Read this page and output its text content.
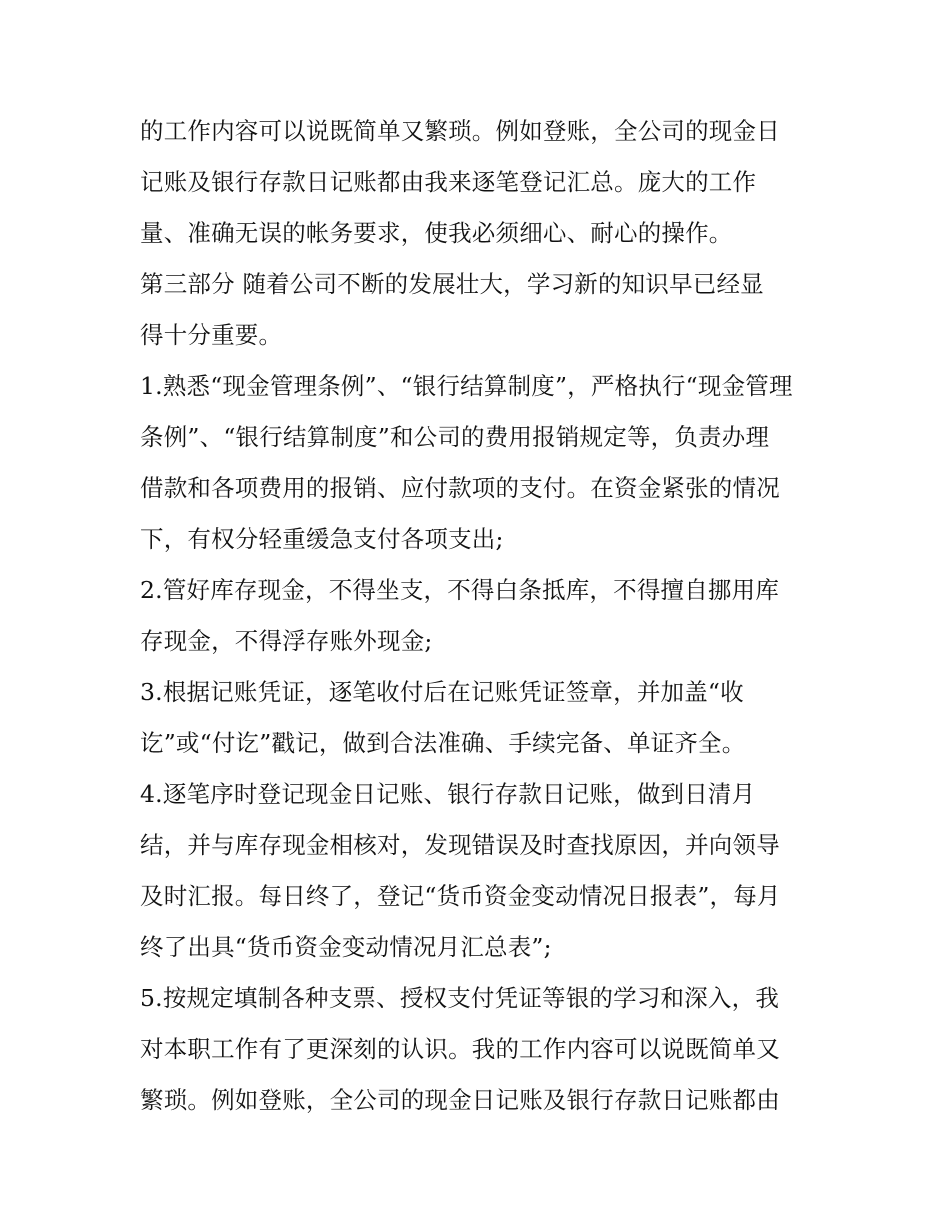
的工作内容可以说既简单又繁琐。例如登账，全公司的现金日
记账及银行存款日记账都由我来逐笔登记汇总。庞大的工作
量、准确无误的帐务要求，使我必须细心、耐心的操作。
第三部分 随着公司不断的发展壮大，学习新的知识早已经显
得十分重要。
1.熟悉“现金管理条例”、“银行结算制度”，严格执行“现金管理
条例”、“银行结算制度”和公司的费用报销规定等，负责办理
借款和各项费用的报销、应付款项的支付。在资金紧张的情况
下，有权分轻重缓急支付各项支出;
2.管好库存现金，不得坐支，不得白条抵库，不得擅自挪用库
存现金，不得浮存账外现金;
3.根据记账凭证，逐笔收付后在记账凭证签章，并加盖“收
讫”或“付讫”戳记，做到合法准确、手续完备、单证齐全。
4.逐笔序时登记现金日记账、银行存款日记账，做到日清月
结，并与库存现金相核对，发现错误及时查找原因，并向领导
及时汇报。每日终了，登记“货币资金变动情况日报表”，每月
终了出具“货币资金变动情况月汇总表”;
5.按规定填制各种支票、授权支付凭证等银的学习和深入，我
对本职工作有了更深刻的认识。我的工作内容可以说既简单又
繁琐。例如登账，全公司的现金日记账及银行存款日记账都由
